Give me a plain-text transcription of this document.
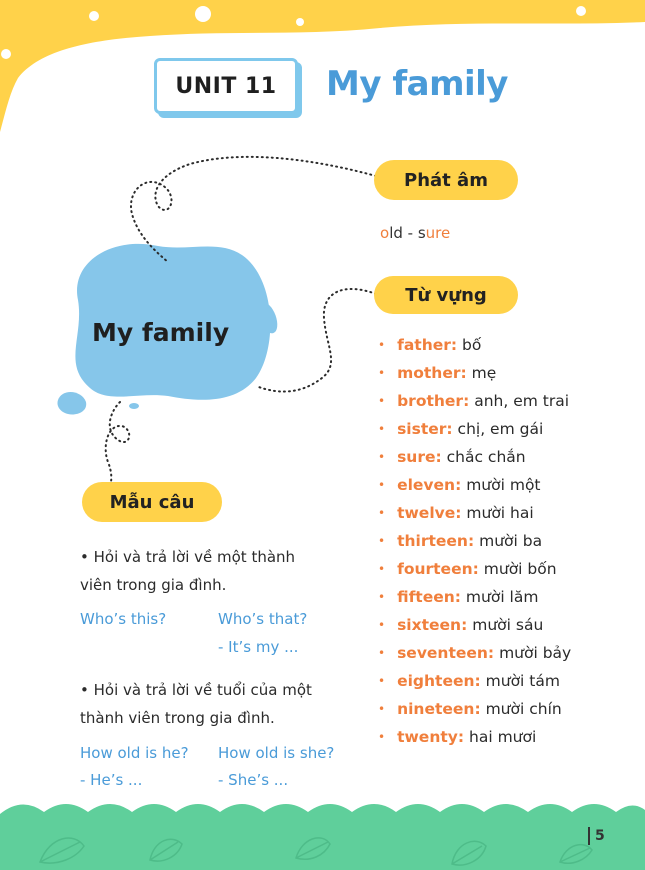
UNIT 11 My family
My family
Phát âm
old - sure
Từ vựng
• father: bố
• mother: mẹ
• brother: anh, em trai
• sister: chị, em gái
• sure: chắc chắn
• eleven: mười một
• twelve: mười hai
• thirteen: mười ba
• fourteen: mười bốn
• fifteen: mười lăm
• sixteen: mười sáu
• seventeen: mười bảy
• eighteen: mười tám
• nineteen: mười chín
• twenty: hai mươi
Mẫu câu
• Hỏi và trả lời về một thành
viên trong gia đình.
Who’s this?	Who’s that?
- It’s my ...
• Hỏi và trả lời về tuổi của một
thành viên trong gia đình.
How old is he? How old is she?
- He’s ...	- She’s ...
5
